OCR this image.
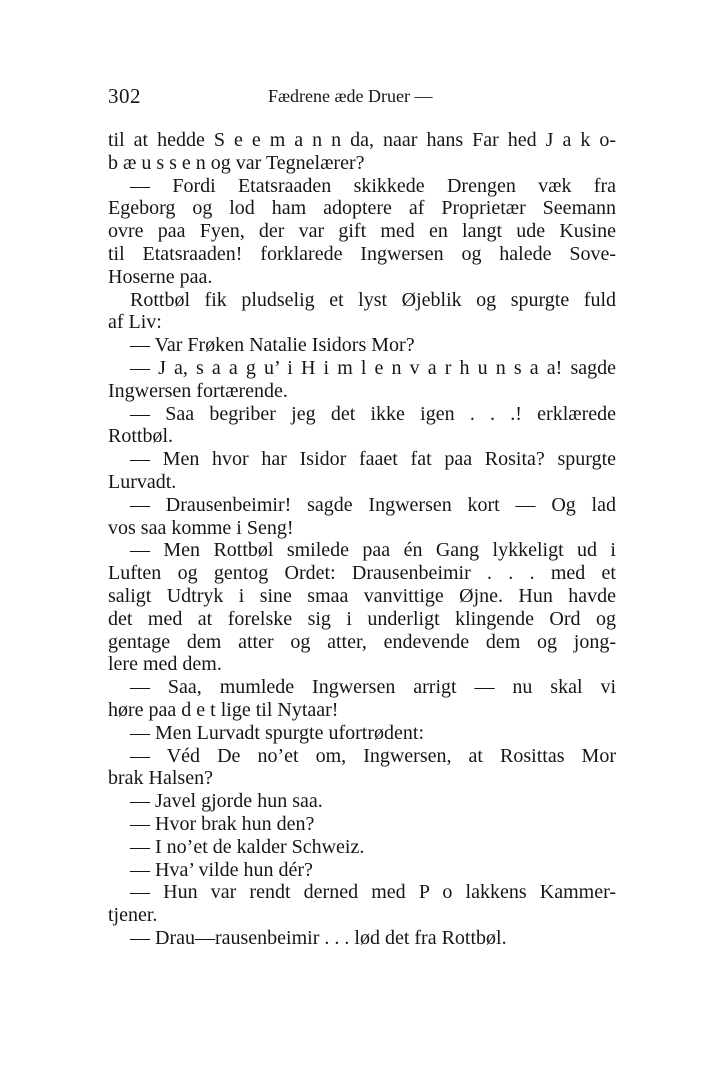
302	Fædrene æde Druer —
til at hedde S e e m a n n da, naar hans Far hed J a k o-
b æ u s s e n og var Tegnelærer?
— Fordi Etatsraaden skikkede Drengen væk fra
Egeborg og lod ham adoptere af Proprietær Seemann
ovre paa Fyen, der var gift med en langt ude Kusine
til Etatsraaden! forklarede Ingwersen og halede Sove-
Hoserne paa.
Rottbøl fik pludselig et lyst Øjeblik og spurgte fuld
af Liv:
— Var Frøken Natalie Isidors Mor?
— J a, s a a g u’ i H i m l e n v a r h u n s a a! sagde
Ingwersen fortærende.
— Saa begriber jeg det ikke igen . . .! erklærede
Rottbøl.
— Men hvor har Isidor faaet fat paa Rosita? spurgte
Lurvadt.
— Drausenbeimir! sagde Ingwersen kort — Og lad
vos saa komme i Seng!
— Men Rottbøl smilede paa én Gang lykkeligt ud i
Luften og gentog Ordet: Drausenbeimir . . . med et
saligt Udtryk i sine smaa vanvittige Øjne. Hun havde
det med at forelske sig i underligt klingende Ord og
gentage dem atter og atter, endevende dem og jong-
lere med dem.
— Saa, mumlede Ingwersen arrigt — nu skal vi
høre paa d e t lige til Nytaar!
— Men Lurvadt spurgte ufortrødent:
— Véd De no’et om, Ingwersen, at Rosittas Mor
brak Halsen?
— Javel gjorde hun saa.
— Hvor brak hun den?
— I no’et de kalder Schweiz.
— Hva’ vilde hun dér?
— Hun var rendt derned med P o lakkens Kammer-
tjener.
— Drau—rausenbeimir . . . lød det fra Rottbøl.
